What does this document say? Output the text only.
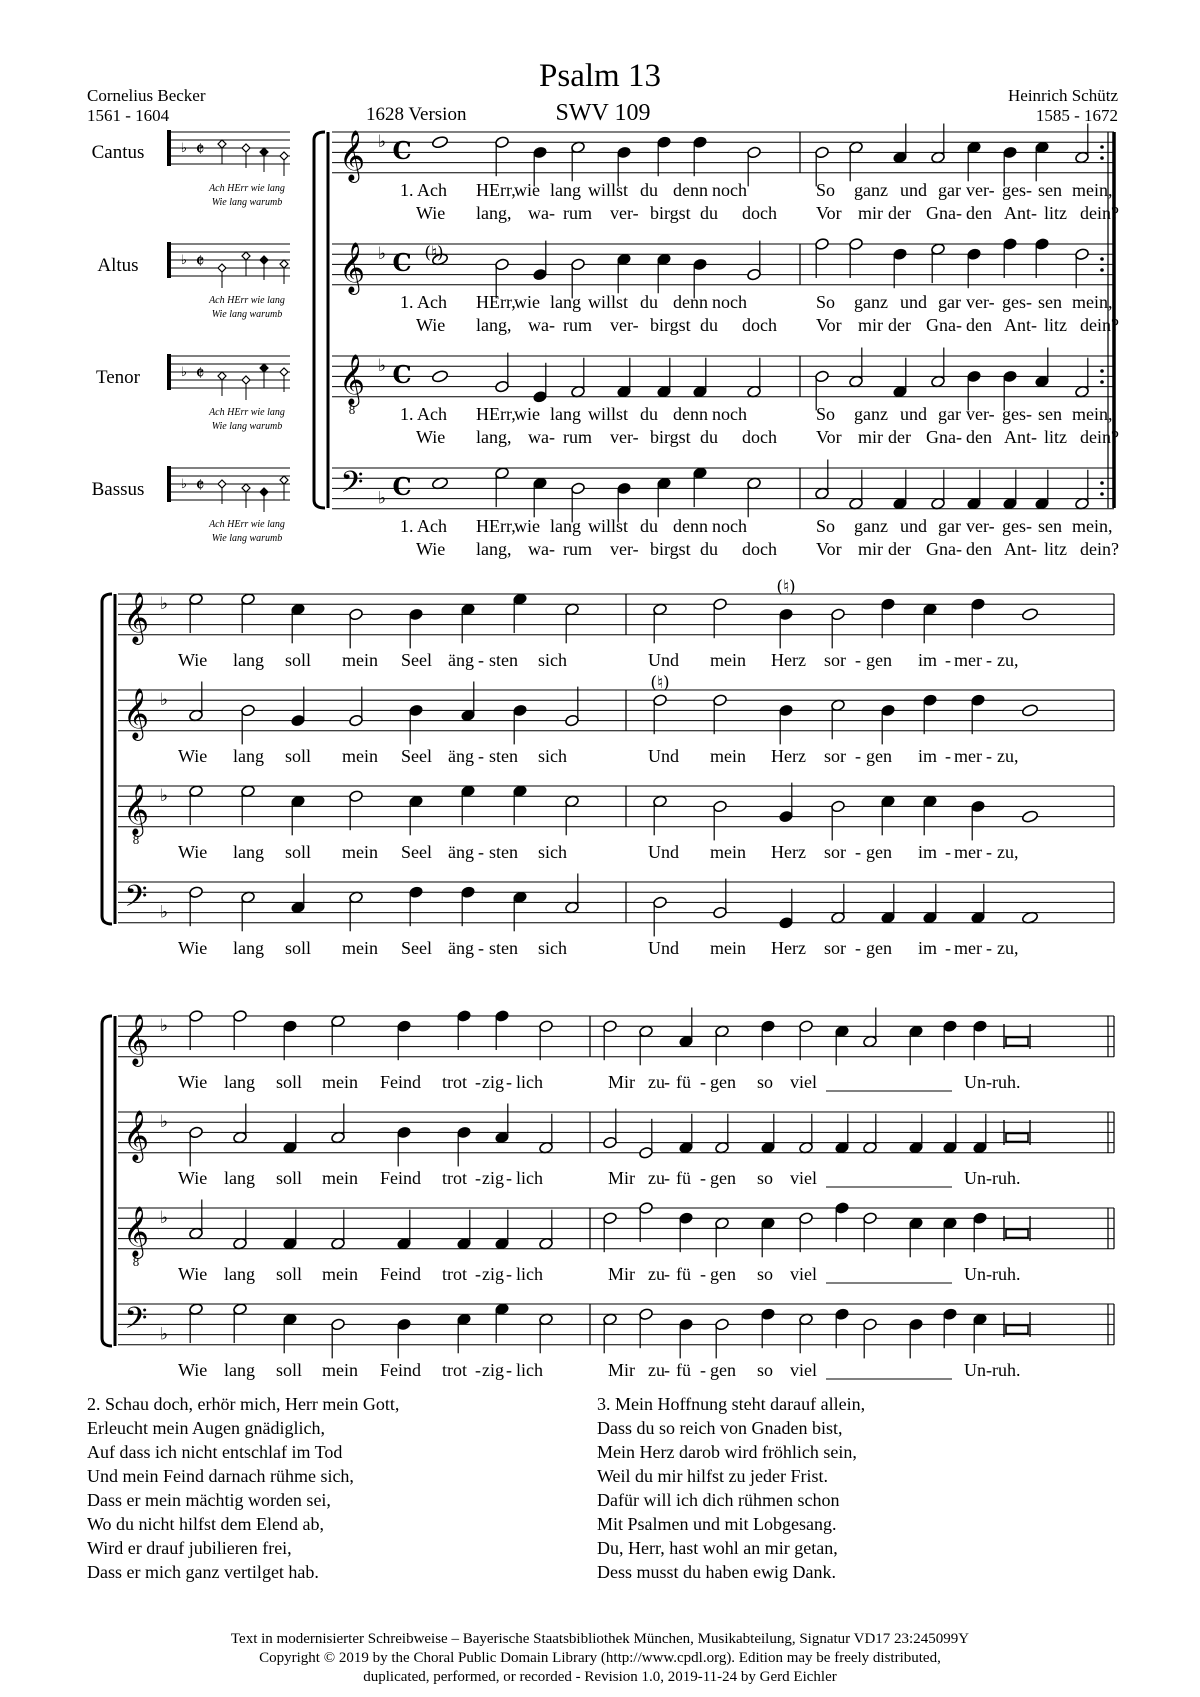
Psalm 13
SWV 109
1628 Version
Cornelius Becker
1561 - 1604
Heinrich Schütz
1585 - 1672
Cantus
Altus
Tenor
Bassus
Ach HErr wie lang
Wie lang warumb
Ach HErr wie lang
Wie lang warumb
Ach HErr wie lang
Wie lang warumb
Ach HErr wie lang
Wie lang warumb
♭ 𝄵
♭ 𝄵
♭ 𝄵
♭ 𝄵
𝄞 ♭ C
𝄞 ♭ C
𝄞
8
♭ C
𝄢 ♭ C
(♮)
𝄞 ♭
𝄞 ♭
𝄞
8
♭
𝄢 ♭
(♮)
(♮)
𝄞 ♭
𝄞 ♭
𝄞
8
♭
𝄢 ♭
1. Ach HErr,
wie lang willst du denn noch	So ganz und gar ver- ges- sen mein,
Wie lang, wa- rum ver- birgst du doch Vor mir der Gna- den Ant- litz dein?
1. Ach HErr,
wie lang willst du denn noch	So ganz und gar ver- ges- sen mein,
Wie lang, wa- rum ver- birgst du doch Vor mir der Gna- den Ant- litz dein?
1. Ach HErr,
wie lang willst du denn noch	So ganz und gar ver- ges- sen mein,
Wie lang, wa- rum ver- birgst du doch Vor mir der Gna- den Ant- litz dein?
1. Ach HErr,
wie lang willst du denn noch	So ganz und gar ver- ges- sen mein,
Wie lang, wa- rum ver- birgst du doch Vor mir der Gna- den Ant- litz dein?
Wie lang soll mein Seel äng - sten sich	Und mein Herz sor - gen im - mer - zu,
Wie lang soll mein Seel äng - sten sich	Und mein Herz sor - gen im - mer - zu,
Wie lang soll mein Seel äng - sten sich	Und mein Herz sor - gen im - mer - zu,
Wie lang soll mein Seel äng - sten sich	Und mein Herz sor - gen im - mer - zu,
Wie lang soll mein Feind trot - zig - lich	Mir zu - fü - gen so viel	Un - ruh.
Wie lang soll mein Feind trot - zig - lich	Mir zu - fü - gen so viel	Un - ruh.
Wie lang soll mein Feind trot - zig - lich	Mir zu - fü - gen so viel	Un - ruh.
Wie lang soll mein Feind trot - zig - lich	Mir zu - fü - gen so viel	Un - ruh.
2. Schau doch, erhör mich, Herr mein Gott,
Erleucht mein Augen gnädiglich,
Auf dass ich nicht entschlaf im Tod
Und mein Feind darnach rühme sich,
Dass er mein mächtig worden sei,
Wo du nicht hilfst dem Elend ab,
Wird er drauf jubilieren frei,
Dass er mich ganz vertilget hab.
3. Mein Hoffnung steht darauf allein,
Dass du so reich von Gnaden bist,
Mein Herz darob wird fröhlich sein,
Weil du mir hilfst zu jeder Frist.
Dafür will ich dich rühmen schon
Mit Psalmen und mit Lobgesang.
Du, Herr, hast wohl an mir getan,
Dess musst du haben ewig Dank.
Text in modernisierter Schreibweise – Bayerische Staatsbibliothek München, Musikabteilung, Signatur VD17 23:245099Y
Copyright © 2019 by the Choral Public Domain Library (http://www.cpdl.org). Edition may be freely distributed,
duplicated, performed, or recorded - Revision 1.0, 2019-11-24 by Gerd Eichler
